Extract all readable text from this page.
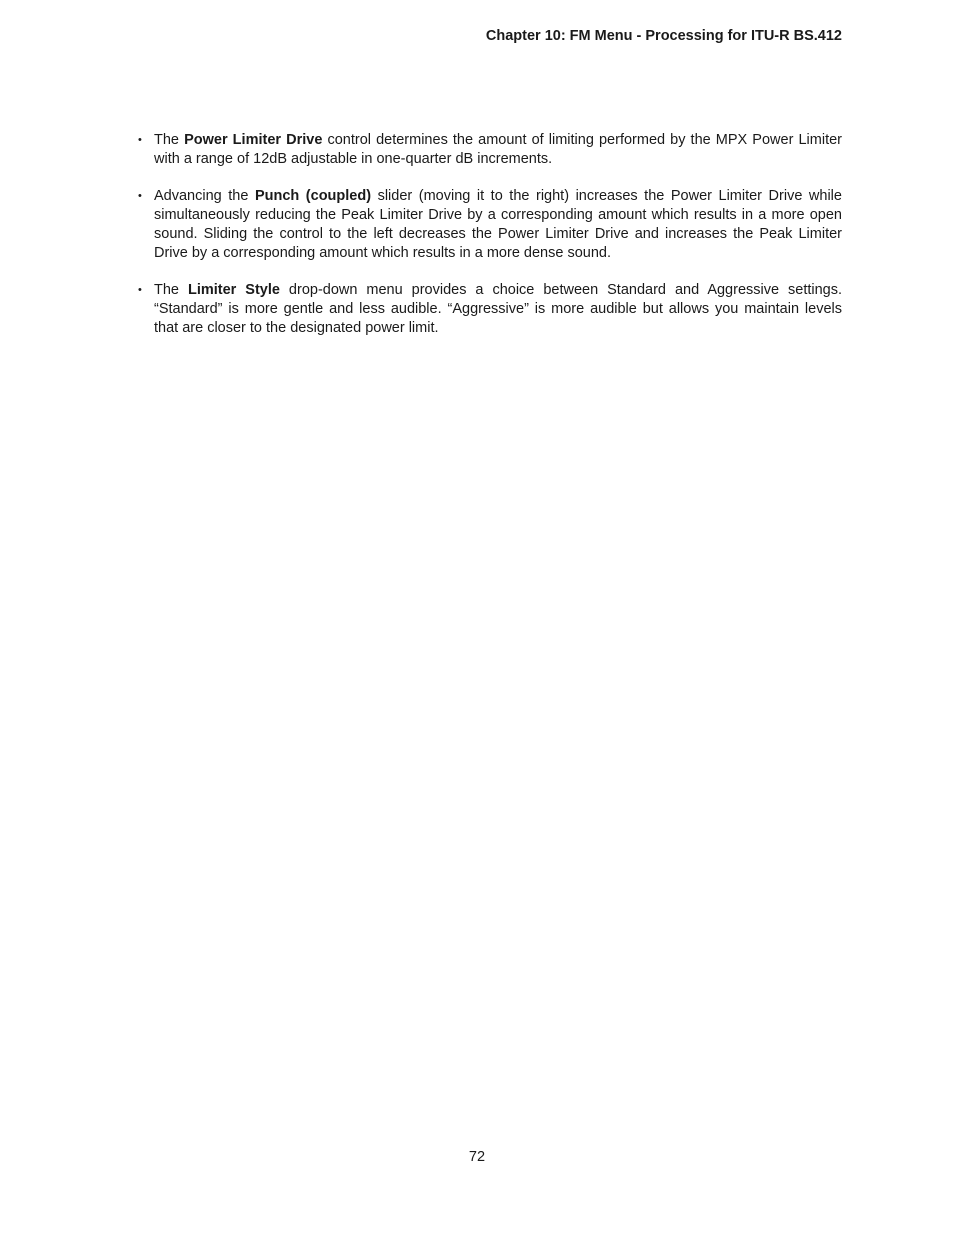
Chapter 10: FM Menu - Processing for ITU-R BS.412
• The Power Limiter Drive control determines the amount of limiting performed by the MPX Power Limiter with a range of 12dB adjustable in one-quarter dB increments.
• Advancing the Punch (coupled) slider (moving it to the right) increases the Power Limiter Drive while simultaneously reducing the Peak Limiter Drive by a corresponding amount which results in a more open sound. Sliding the control to the left decreases the Power Limiter Drive and increases the Peak Limiter Drive by a corresponding amount which results in a more dense sound.
• The Limiter Style drop-down menu provides a choice between Standard and Aggressive settings. “Standard” is more gentle and less audible. “Aggressive” is more audible but allows you maintain levels that are closer to the designated power limit.
72
